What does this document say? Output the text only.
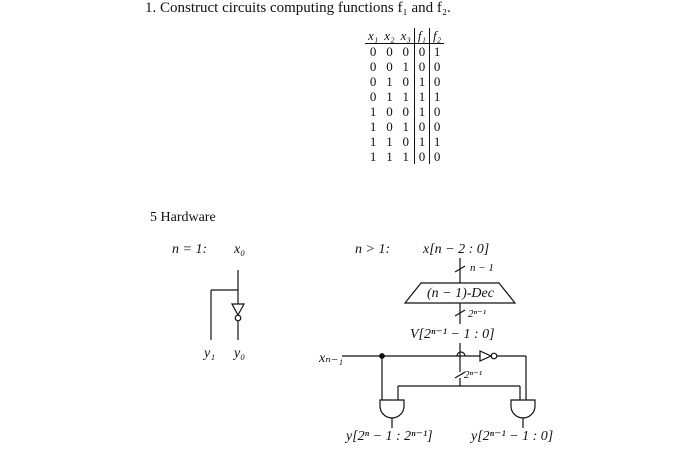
1. Construct circuits computing functions f₁ and f₂.
x₁	x₂	x₃	f₁	f₂
0	0	0	0	1
0	0	1	0	0
0	1	0	1	0
0	1	1	1	1
1	0	0	1	0
1	0	1	0	0
1	1	0	1	1
1	1	1	0	0
5 Hardware
n = 1: x₀
y₁ y₀
n > 1: x[n − 2 : 0]
n − 1
(n − 1)-Dec
2ⁿ⁻¹
V[2ⁿ⁻¹ − 1 : 0]
xₙ₋₁
2ⁿ⁻¹
y[2ⁿ − 1 : 2ⁿ⁻¹]	y[2ⁿ⁻¹ − 1 : 0]
